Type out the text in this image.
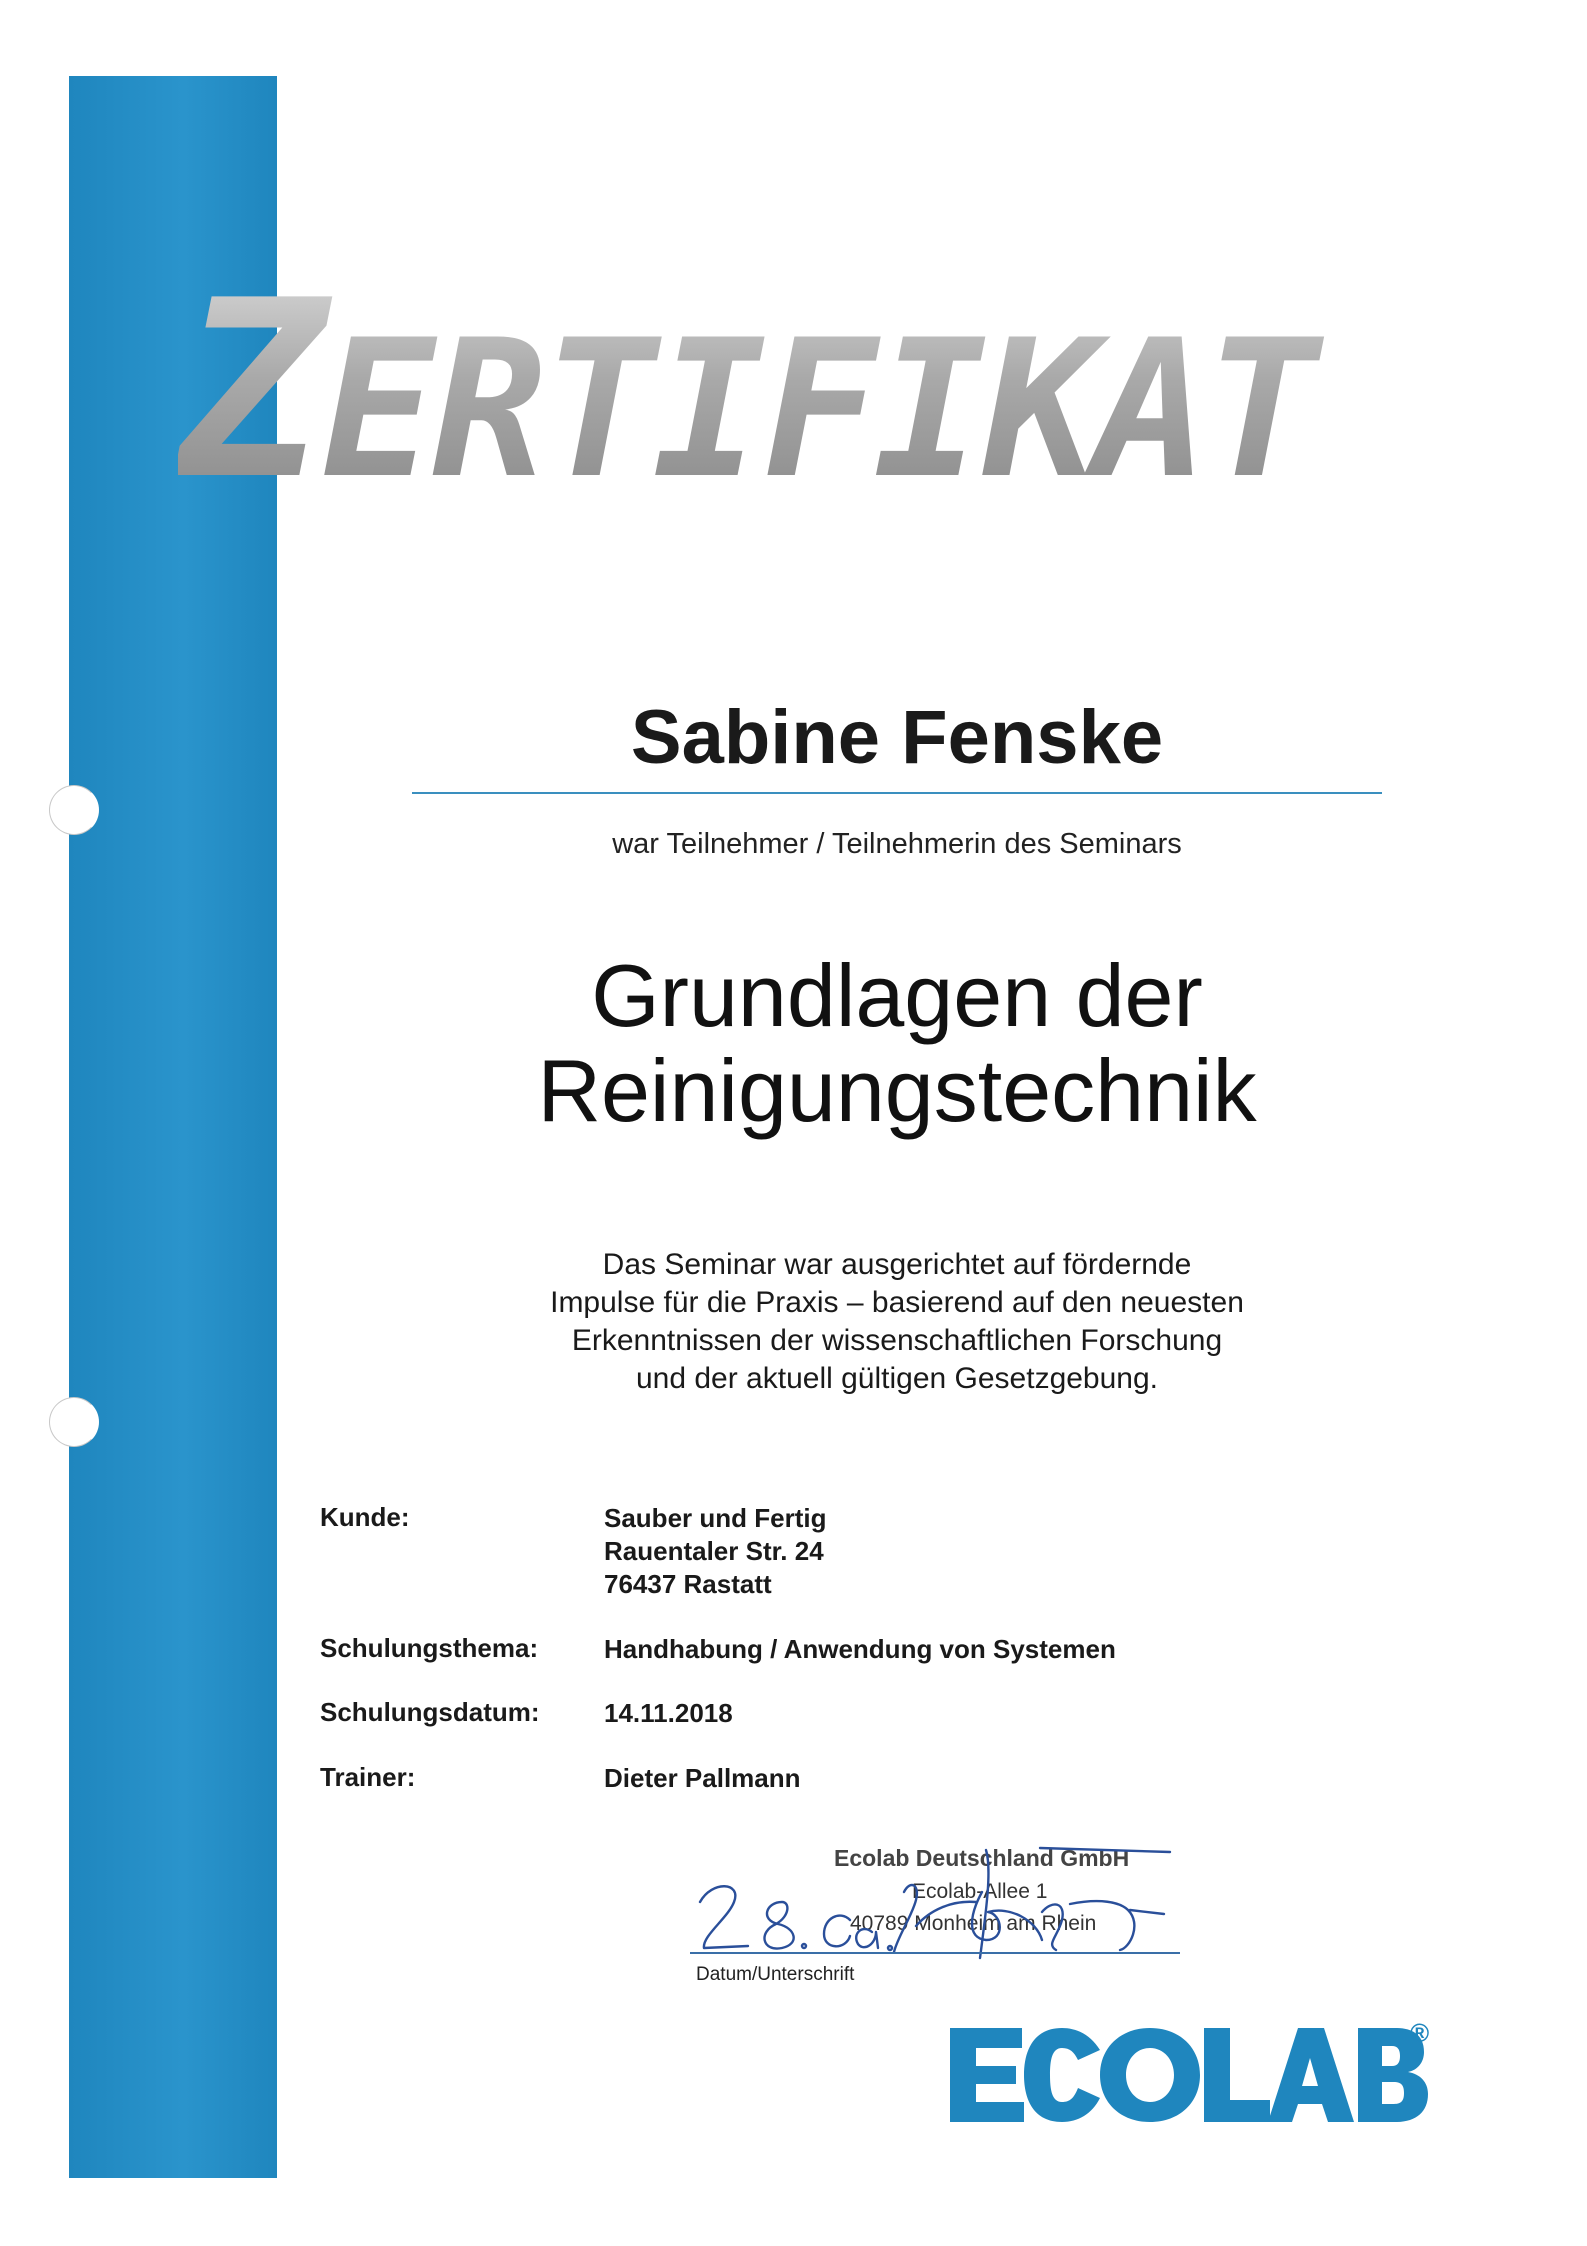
ZERTIFIKAT
Sabine Fenske
war Teilnehmer / Teilnehmerin des Seminars
Grundlagen der
Reinigungstechnik
Das Seminar war ausgerichtet auf fördernde
Impulse für die Praxis – basierend auf den neuesten
Erkenntnissen der wissenschaftlichen Forschung
und der aktuell gültigen Gesetzgebung.
Kunde:	Sauber und Fertig
Rauentaler Str. 24
76437 Rastatt
Schulungsthema:	Handhabung / Anwendung von Systemen
Schulungsdatum: 14.11.2018
Trainer:	Dieter Pallmann
Ecolab Deutschland GmbH
Ecolab-Allee 1
40789 Monheim am Rhein
Datum/Unterschrift
®
